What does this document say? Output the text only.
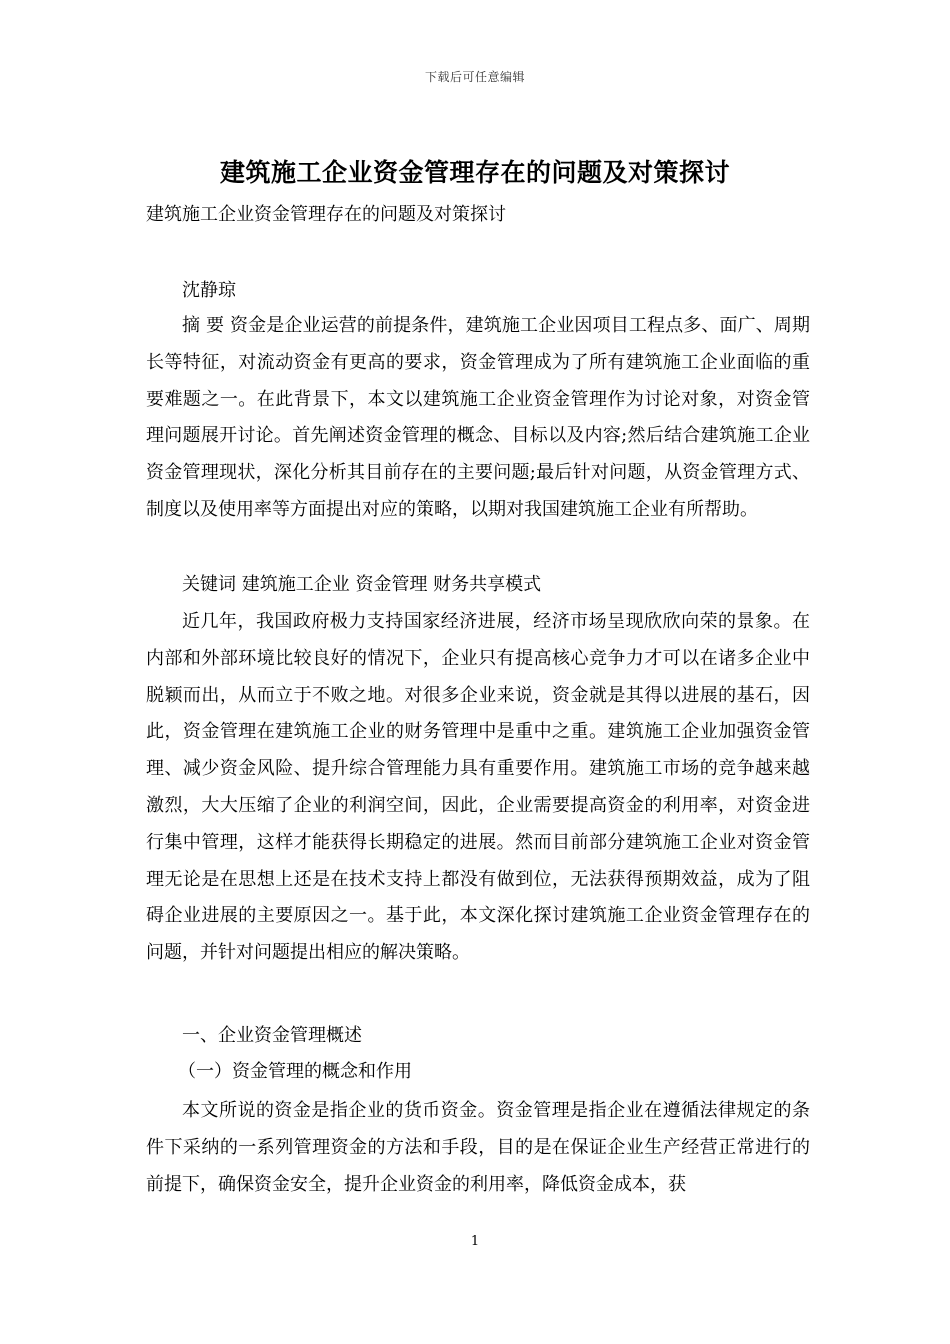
下载后可任意编辑
建筑施工企业资金管理存在的问题及对策探讨
建筑施工企业资金管理存在的问题及对策探讨
沈静琼

摘 要 资金是企业运营的前提条件，建筑施工企业因项目工程点多、面广、周期长等特征，对流动资金有更高的要求，资金管理成为了所有建筑施工企业面临的重要难题之一。在此背景下，本文以建筑施工企业资金管理作为讨论对象，对资金管理问题展开讨论。首先阐述资金管理的概念、目标以及内容;然后结合建筑施工企业资金管理现状，深化分析其目前存在的主要问题;最后针对问题，从资金管理方式、制度以及使用率等方面提出对应的策略，以期对我国建筑施工企业有所帮助。

关键词 建筑施工企业 资金管理 财务共享模式

近几年，我国政府极力支持国家经济进展，经济市场呈现欣欣向荣的景象。在内部和外部环境比较良好的情况下，企业只有提高核心竞争力才可以在诸多企业中脱颖而出，从而立于不败之地。对很多企业来说，资金就是其得以进展的基石，因此，资金管理在建筑施工企业的财务管理中是重中之重。建筑施工企业加强资金管理、减少资金风险、提升综合管理能力具有重要作用。建筑施工市场的竞争越来越激烈，大大压缩了企业的利润空间，因此，企业需要提高资金的利用率，对资金进行集中管理，这样才能获得长期稳定的进展。然而目前部分建筑施工企业对资金管理无论是在思想上还是在技术支持上都没有做到位，无法获得预期效益，成为了阻碍企业进展的主要原因之一。基于此，本文深化探讨建筑施工企业资金管理存在的问题，并针对问题提出相应的解决策略。

一、企业资金管理概述
（一）资金管理的概念和作用

本文所说的资金是指企业的货币资金。资金管理是指企业在遵循法律规定的条件下采纳的一系列管理资金的方法和手段，目的是在保证企业生产经营正常进行的前提下，确保资金安全，提升企业资金的利用率，降低资金成本，获

1
